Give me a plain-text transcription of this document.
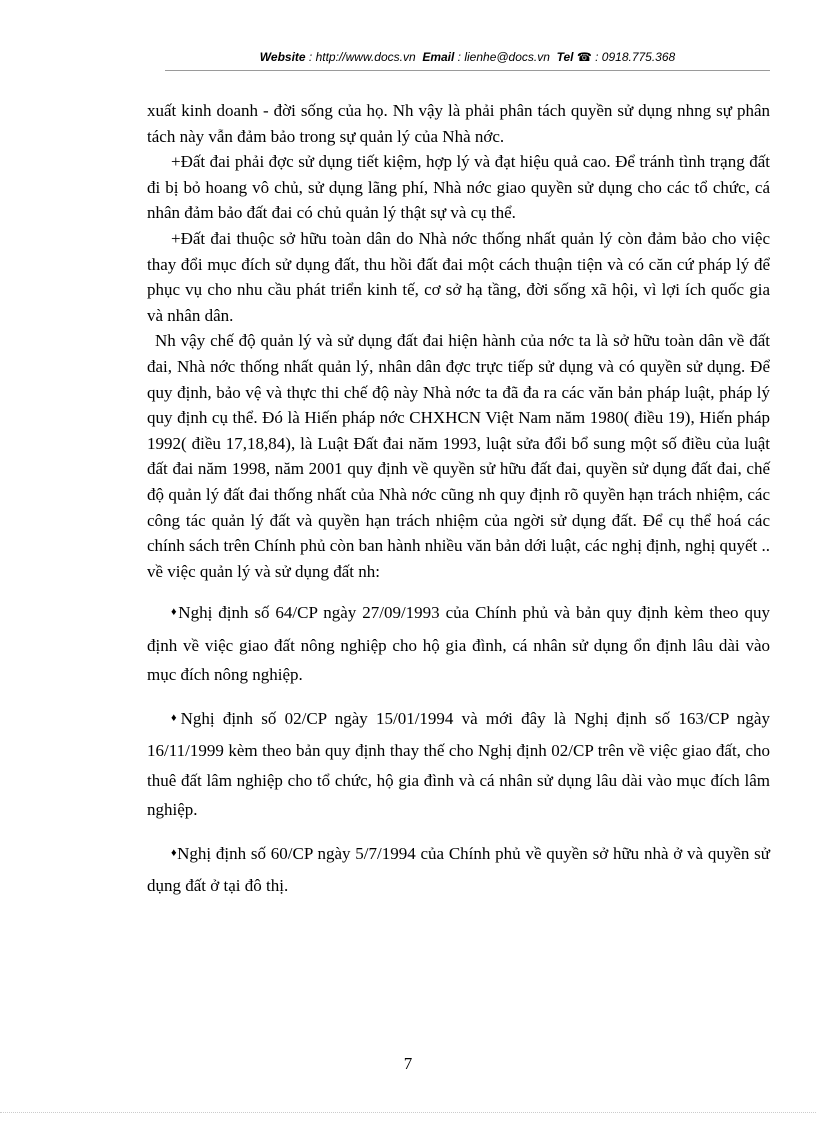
Website : http://www.docs.vn Email : lienhe@docs.vn Tel ☎ : 0918.775.368

xuất kinh doanh - đời sống của họ. Nh vậy là phải phân tách quyền sử dụng nhng sự phân tách này vẫn đảm bảo trong sự quản lý của Nhà nớc.

+Đất đai phải đợc sử dụng tiết kiệm, hợp lý và đạt hiệu quả cao. Để tránh tình trạng đất đi bị bỏ hoang vô chủ, sử dụng lãng phí, Nhà nớc giao quyền sử dụng cho các tổ chức, cá nhân đảm bảo đất đai có chủ quản lý thật sự và cụ thể.

+Đất đai thuộc sở hữu toàn dân do Nhà nớc thống nhất quản lý còn đảm bảo cho việc thay đổi mục đích sử dụng đất, thu hồi đất đai một cách thuận tiện và có căn cứ pháp lý để phục vụ cho nhu cầu phát triển kinh tế, cơ sở hạ tầng, đời sống xã hội, vì lợi ích quốc gia và nhân dân.

Nh vậy chế độ quản lý và sử dụng đất đai hiện hành của nớc ta là sở hữu toàn dân về đất đai, Nhà nớc thống nhất quản lý, nhân dân đợc trực tiếp sử dụng và có quyền sử dụng. Để quy định, bảo vệ và thực thi chế độ này Nhà nớc ta đã đa ra các văn bản pháp luật, pháp lý quy định cụ thể. Đó là Hiến pháp nớc CHXHCN Việt Nam năm 1980( điều 19), Hiến pháp 1992( điều 17,18,84), là Luật Đất đai năm 1993, luật sửa đổi bổ sung một số điều của luật đất đai năm 1998, năm 2001 quy định về quyền sử hữu đất đai, quyền sử dụng đất đai, chế độ quản lý đất đai thống nhất của Nhà nớc cũng nh quy định rõ quyền hạn trách nhiệm, các công tác quản lý đất và quyền hạn trách nhiệm của ngời sử dụng đất. Để cụ thể hoá các chính sách trên Chính phủ còn ban hành nhiều văn bản dới luật, các nghị định, nghị quyết .. về việc quản lý và sử dụng đất nh:

♦Nghị định số 64/CP ngày 27/09/1993 của Chính phủ và bản quy định kèm theo quy định về việc giao đất nông nghiệp cho hộ gia đình, cá nhân sử dụng ổn định lâu dài vào mục đích nông nghiệp.

♦Nghị định số 02/CP ngày 15/01/1994 và mới đây là Nghị định số 163/CP ngày 16/11/1999 kèm theo bản quy định thay thế cho Nghị định 02/CP trên về việc giao đất, cho thuê đất lâm nghiệp cho tổ chức, hộ gia đình và cá nhân sử dụng lâu dài vào mục đích lâm nghiệp.

♦Nghị định số 60/CP ngày 5/7/1994 của Chính phủ về quyền sở hữu nhà ở và quyền sử dụng đất ở tại đô thị.

7
